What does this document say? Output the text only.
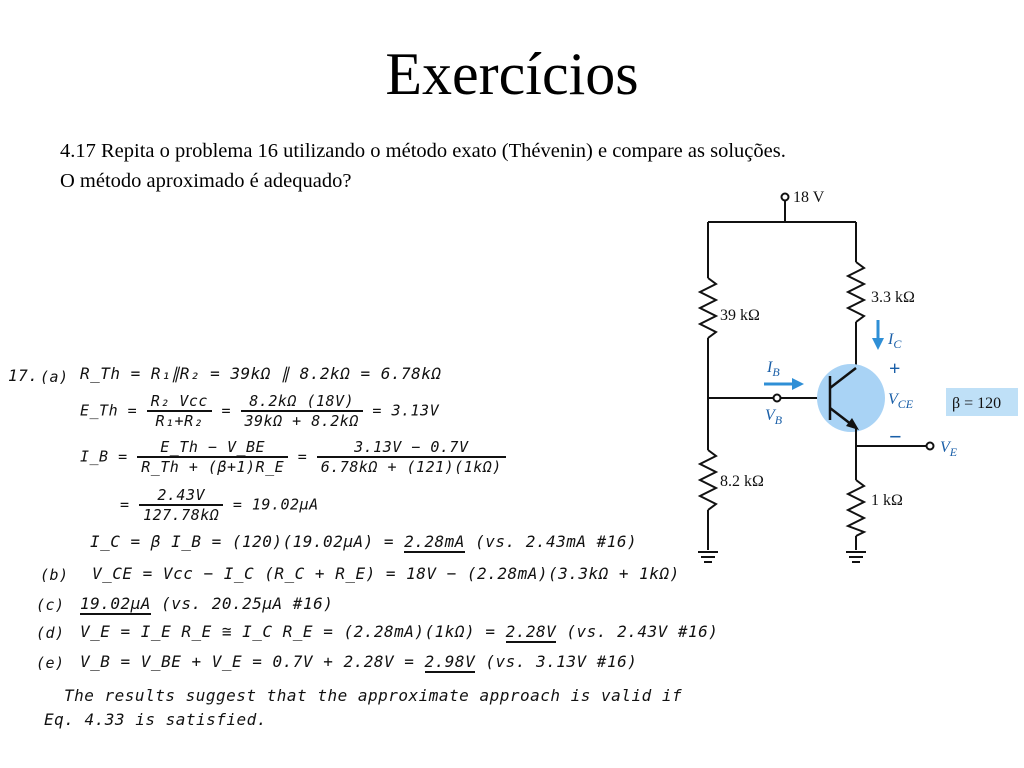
Exercícios
4.17 Repita o problema 16 utilizando o método exato (Thévenin) e compare as soluções.
O método aproximado é adequado?
18 V
39 kΩ
8.2 kΩ
3.3 kΩ
1 kΩ
$I_C$
$I_B$
$V_B$
$V_{CE}$
$V_E$
+
−
β = 120
17. (a) R_Th = R₁∥R₂ = 39kΩ ∥ 8.2kΩ = 6.78kΩ
E_Th = $\frac{\text{R₂ Vcc}}{\text{R₁+R₂}} = \frac{8.2k\Omega (18V)}{39k\Omega + 8.2k\Omega} = 3.13V$
I_B = $\frac{E\_Th - V\_BE}{R\_Th + (\beta+1)R\_E} = \frac{3.13V - 0.7V}{6.78k\Omega + (121)(1k\Omega)}$
= $\frac{2.43V}{127.78k\Omega} = 19.02\mu A$
I_C = β I_B = (120)(19.02μA) = 2.28mA (vs. 2.43mA #16)
(b) V_CE = Vcc − I_C (R_C + R_E) = 18V − (2.28mA)(3.3kΩ + 1kΩ)
(c) 19.02μA (vs. 20.25μA #16)
(d) V_E = I_E R_E ≅ I_C R_E = (2.28mA)(1kΩ) = 2.28V (vs. 2.43V #16)
(e) V_B = V_BE + V_E = 0.7V + 2.28V = 2.98V (vs. 3.13V #16)
The results suggest that the approximate approach is valid if
Eq. 4.33 is satisfied.
